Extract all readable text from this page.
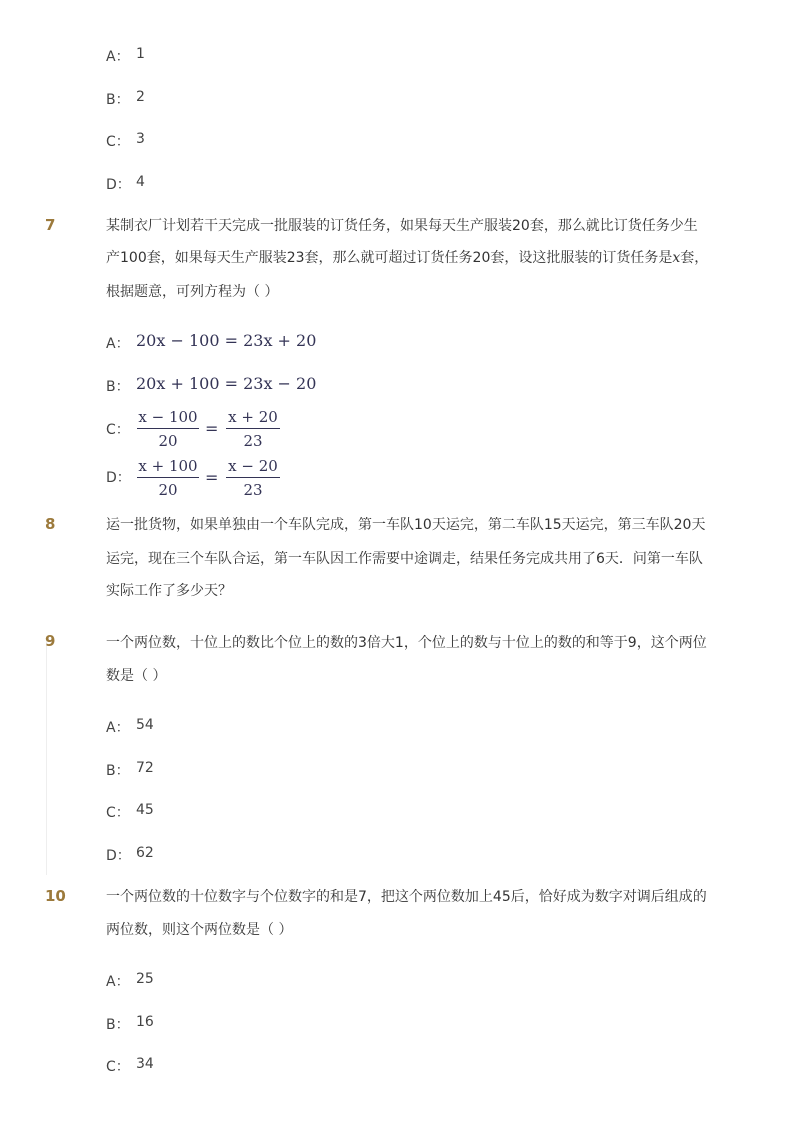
A： 1
B： 2
C： 3
D： 4
7	某制衣厂计划若干天完成一批服装的订货任务，如果每天生产服装20套，那么就比订货任务少生
产100套，如果每天生产服装23套，那么就可超过订货任务20套，设这批服装的订货任务是x套，
根据题意，可列方程为（ ）
A： 20x − 100 = 23x + 20
B： 20x + 100 = 23x − 20
C：
x − 100
20
=
x + 20
23
D：
x + 100
20
=
x − 20
23
8	运一批货物，如果单独由一个车队完成，第一车队10天运完，第二车队15天运完，第三车队20天
运完，现在三个车队合运，第一车队因工作需要中途调走，结果任务完成共用了6天．问第一车队
实际工作了多少天？
9	一个两位数，十位上的数比个位上的数的3倍大1，个位上的数与十位上的数的和等于9，这个两位
数是（ ）
A： 54
B： 72
C： 45
D： 62
10	一个两位数的十位数字与个位数字的和是7，把这个两位数加上45后，恰好成为数字对调后组成的
两位数，则这个两位数是（ ）
A： 25
B： 16
C： 34
